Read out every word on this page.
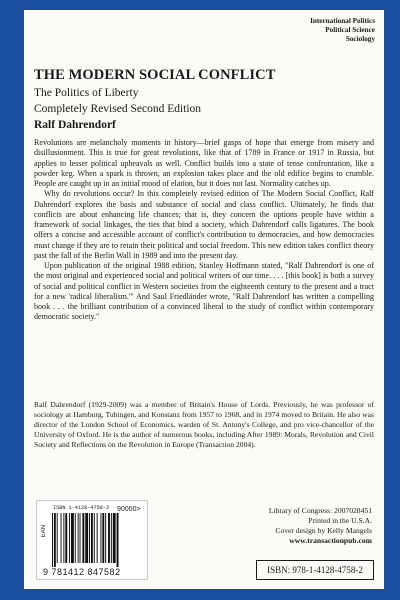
International Politics
Political Science
Sociology
THE MODERN SOCIAL CONFLICT
The Politics of Liberty
Completely Revised Second Edition
Ralf Dahrendorf

Revolutions are melancholy moments in history—brief gasps of hope that emerge from misery and disillusionment. This is true for great revolutions, like that of 1789 in France or 1917 in Russia, but applies to lesser political upheavals as well. Conflict builds into a state of tense confrontation, like a powder keg. When a spark is thrown, an explosion takes place and the old edifice begins to crumble. People are caught up in an initial mood of elation, but it does not last. Normality catches up.

Why do revolutions occur? In this completely revised edition of The Modern Social Conflict, Ralf Dahrendorf explores the basis and substance of social and class conflict. Ultimately, he finds that conflicts are about enhancing life chances; that is, they concern the options people have within a framework of social linkages, the ties that bind a society, which Dahrendorf calls ligatures. The book offers a concise and accessible account of conflict's contribution to democracies, and how democracies must change if they are to retain their political and social freedom. This new edition takes conflict theory past the fall of the Berlin Wall in 1989 and into the present day.

Upon publication of the original 1988 edition, Stanley Hoffmann stated, "Ralf Dahrendorf is one of the most original and experienced social and political writers of our time. . . . [this book] is both a survey of social and political conflict in Western societies from the eighteenth century to the present and a tract for a new 'radical liberalism.'" And Saul Friedländer wrote, "Ralf Dahrendorf has written a compelling book . . . the brilliant contribution of a convinced liberal to the study of conflict within contemporary democratic society."

Ralf Dahrendorf (1929-2009) was a member of Britain's House of Lords. Previously, he was professor of sociology at Hamburg, Tubingen, and Konstanz from 1957 to 1968, and in 1974 moved to Britain. He also was director of the London School of Economics, warden of St. Antony's College, and pro vice-chancellor of the University of Oxford. He is the author of numerous books, including After 1989: Morals, Revolution and Civil Society and Reflections on the Revolution in Europe (Transaction 2004).

ISBN 1-4128-4758-3 90000>
EAN
9 781412 847582
Library of Congress: 2007028451
Printed in the U.S.A.
Cover design by Kelly Mangels
www.transactionpub.com
ISBN: 978-1-4128-4758-2
